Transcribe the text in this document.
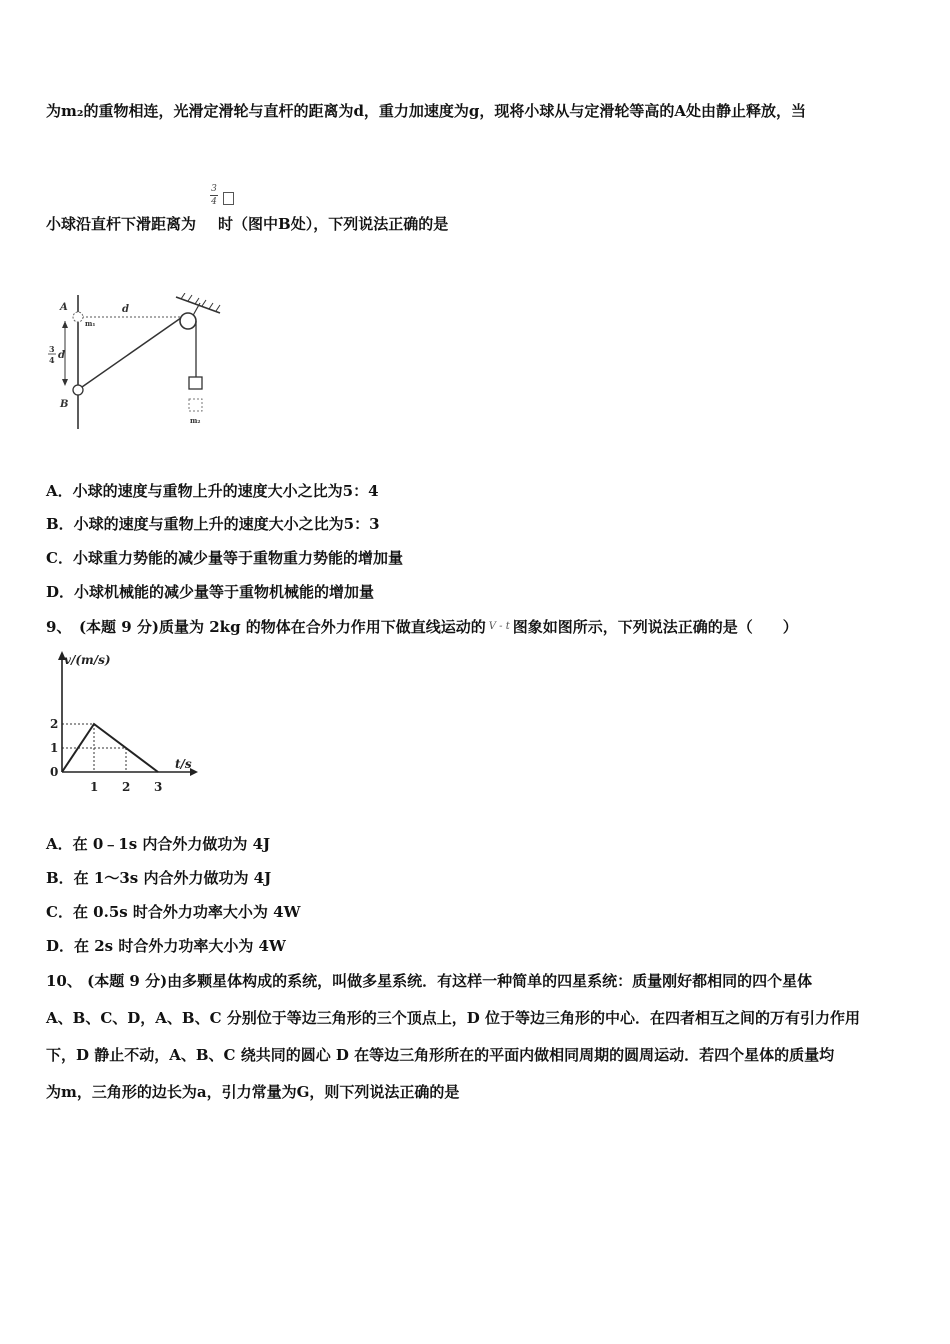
为m₂的重物相连，光滑定滑轮与直杆的距离为d，重力加速度为g，现将小球从与定滑轮等高的A处由静止释放，当
小球沿直杆下滑距离为 时（图中B处），下列说法正确的是
3
4
A
m₁
d
3
4 d
B
m₂
A．小球的速度与重物上升的速度大小之比为5：4
B．小球的速度与重物上升的速度大小之比为5：3
C．小球重力势能的减少量等于重物重力势能的增加量
D．小球机械能的减少量等于重物机械能的增加量
9、  (本题 9 分)质量为 2kg 的物体在合外力作用下做直线运动的 $^{V - t}$ 图象如图所示，下列说法正确的是（　　）
1 2 3
0
1
2
v/(m/s)
t/s
A．在 0﹣1s 内合外力做功为 4J
B．在 1～3s 内合外力做功为 4J
C．在 0.5s 时合外力功率大小为 4W
D．在 2s 时合外力功率大小为 4W
10、 (本题 9 分)由多颗星体构成的系统，叫做多星系统．有这样一种简单的四星系统：质量刚好都相同的四个星体
A、B、C、D，A、B、C 分别位于等边三角形的三个顶点上，D 位于等边三角形的中心．在四者相互之间的万有引力作用
下，D 静止不动，A、B、C 绕共同的圆心 D 在等边三角形所在的平面内做相同周期的圆周运动．若四个星体的质量均
为m，三角形的边长为a，引力常量为G，则下列说法正确的是
